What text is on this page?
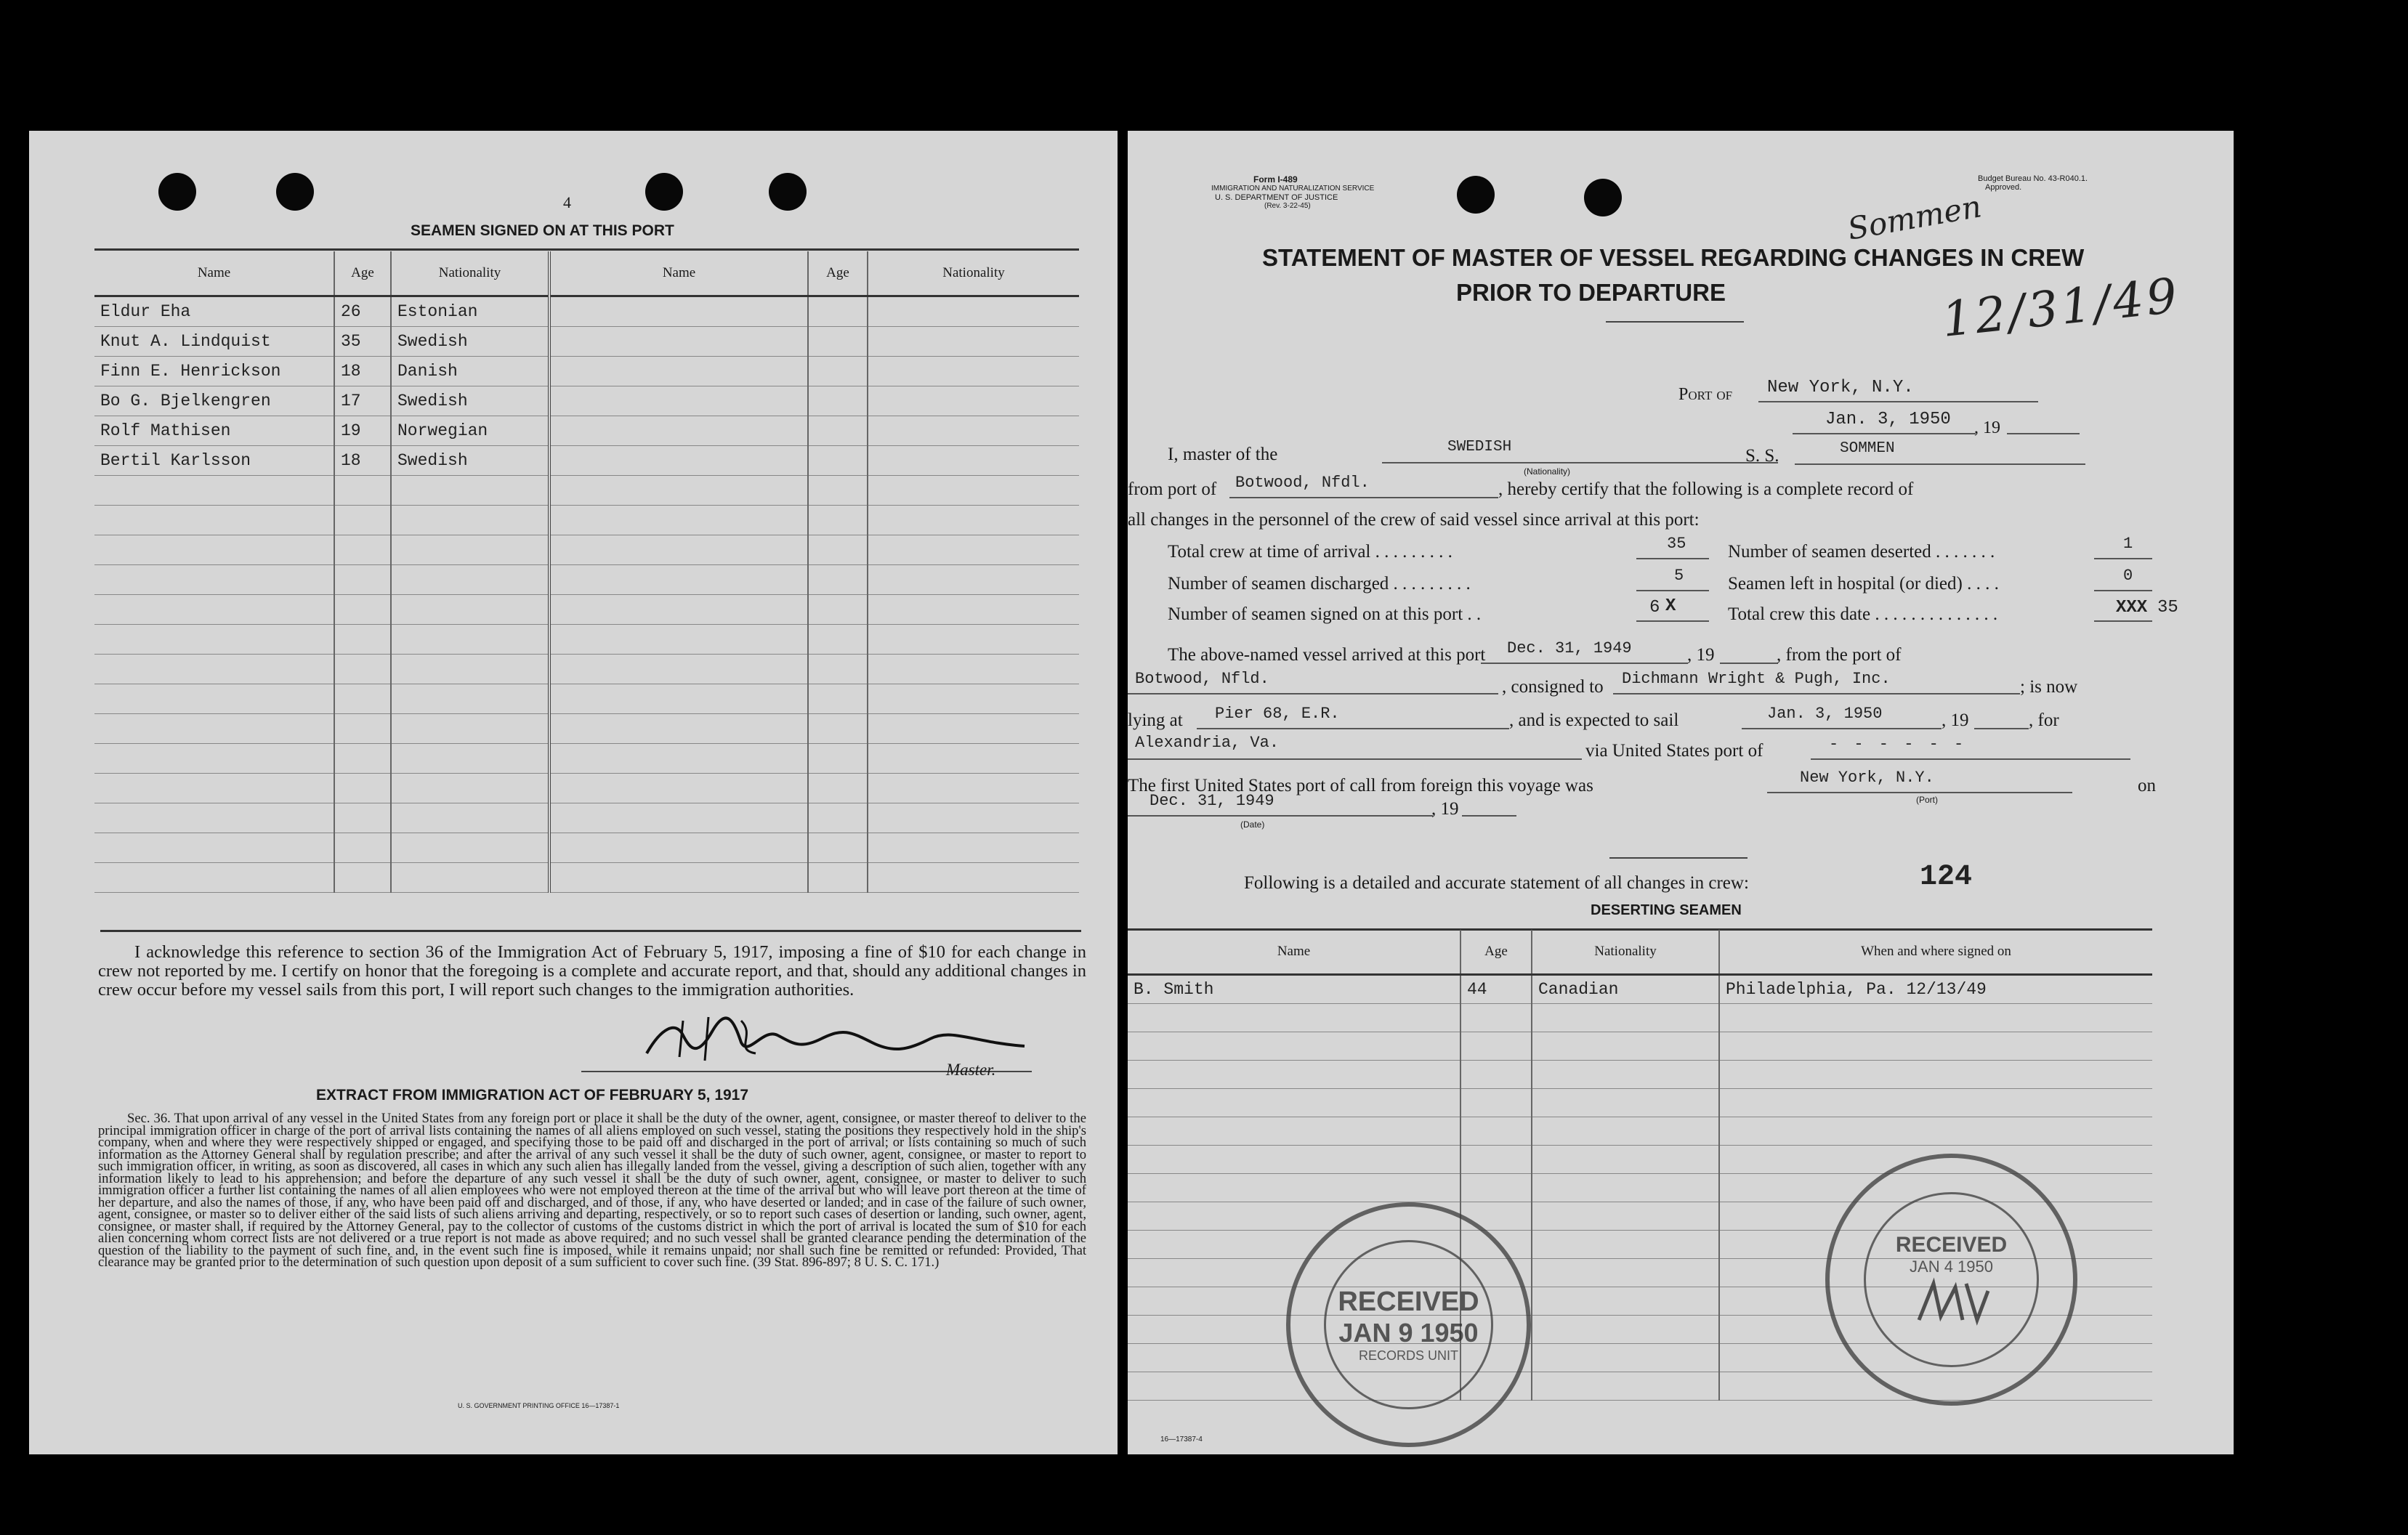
4
SEAMEN SIGNED ON AT THIS PORT
Name	Age	Nationality	Name	Age	Nationality
Eldur Eha	26	Estonian			
Knut A. Lindquist	35	Swedish			
Finn E. Henrickson	18	Danish			
Bo G. Bjelkengren	17	Swedish			
Rolf Mathisen	19	Norwegian			
Bertil Karlsson	18	Swedish			

I acknowledge this reference to section 36 of the Immigration Act of February 5, 1917, imposing a fine of $10 for each change in crew not reported by me. I certify on honor that the foregoing is a complete and accurate report, and that, should any additional changes in crew occur before my vessel sails from this port, I will report such changes to the immigration authorities.
Master.
EXTRACT FROM IMMIGRATION ACT OF FEBRUARY 5, 1917
Sec. 36. That upon arrival of any vessel in the United States from any foreign port or place it shall be the duty of the owner, agent, consignee, or master thereof to deliver to the principal immigration officer in charge of the port of arrival lists containing the names of all aliens employed on such vessel, stating the positions they respectively hold in the ship's company, when and where they were respectively shipped or engaged, and specifying those to be paid off and discharged in the port of arrival; or lists containing so much of such information as the Attorney General shall by regulation prescribe; and after the arrival of any such vessel it shall be the duty of such owner, agent, consignee, or master to report to such immigration officer, in writing, as soon as discovered, all cases in which any such alien has illegally landed from the vessel, giving a description of such alien, together with any information likely to lead to his apprehension; and before the departure of any such vessel it shall be the duty of such owner, agent, consignee, or master to deliver to such immigration officer a further list containing the names of all alien employees who were not employed thereon at the time of the arrival but who will leave port thereon at the time of her departure, and also the names of those, if any, who have been paid off and discharged, and of those, if any, who have deserted or landed; and in case of the failure of such owner, agent, consignee, or master so to deliver either of the said lists of such aliens arriving and departing, respectively, or so to report such cases of desertion or landing, such owner, agent, consignee, or master shall, if required by the Attorney General, pay to the collector of customs of the customs district in which the port of arrival is located the sum of $10 for each alien concerning whom correct lists are not delivered or a true report is not made as above required; and no such vessel shall be granted clearance pending the determination of the question of the liability to the payment of such fine, and, in the event such fine is imposed, while it remains unpaid; nor shall such fine be remitted or refunded: Provided, That clearance may be granted prior to the determination of such question upon deposit of a sum sufficient to cover such fine. (39 Stat. 896-897; 8 U. S. C. 171.)
U. S. GOVERNMENT PRINTING OFFICE 16—17387-1
Form I-489
IMMIGRATION AND NATURALIZATION SERVICE
U. S. DEPARTMENT OF JUSTICE
(Rev. 3-22-45)
Budget Bureau No. 43-R040.1.
Approved.
Sommen
12/31/49
STATEMENT OF MASTER OF VESSEL REGARDING CHANGES IN CREW
PRIOR TO DEPARTURE
Port of New York, N.Y.
Jan. 3, 1950 , 19
I, master of the	SWEDISH
(Nationality)
S. S.	SOMMEN
from port of Botwood, Nfdl.	, hereby certify that the following is a complete record of
all changes in the personnel of the crew of said vessel since arrival at this port:
Total crew at time of arrival . . . . . . . . .	35 Number of seamen deserted . . . . . . .	1
Number of seamen discharged . . . . . . . . .	5 Seamen left in hospital (or died) . . . .	0
Number of seamen signed on at this port . .	6 X	Total crew this date . . . . . . . . . . . . . .	XXX 35
The above-named vessel arrived at this port Dec. 31, 1949	, 19	, from the port of
Botwood, Nfld.	, consigned to Dichmann Wright & Pugh, Inc.	; is now
lying at Pier 68, E.R.	, and is expected to sail	Jan. 3, 1950	, 19	, for
Alexandria, Va.	via United States port of	- - - - - -
The first United States port of call from foreign this voyage was	New York, N.Y.
(Port)
on
Dec. 31, 1949
(Date)
, 19
Following is a detailed and accurate statement of all changes in crew:	124
DESERTING SEAMEN
Name	Age	Nationality	When and where signed on
B. Smith	44	Canadian	Philadelphia, Pa. 12/13/49

RECEIVED
JAN 9 1950
RECORDS UNIT
RECEIVED
JAN 4 1950
16—17387-4
